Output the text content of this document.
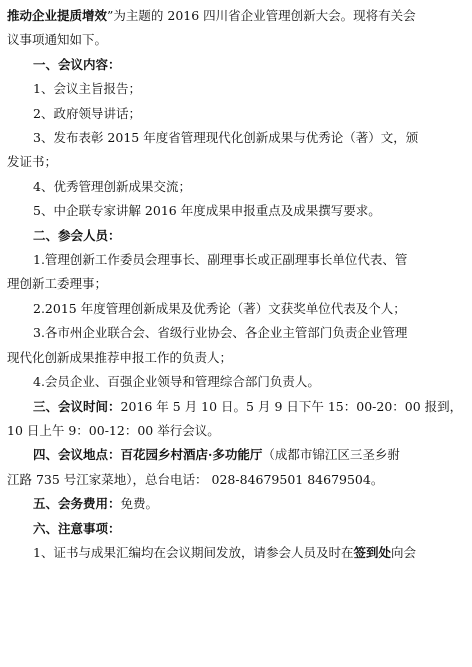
推动企业提质增效”为主题的 2016 四川省企业管理创新大会。现将有关会

议事项通知如下。

一、会议内容：

1、会议主旨报告；

2、政府领导讲话；

3、发布表彰 2015 年度省管理现代化创新成果与优秀论（著）文，颁

发证书；

4、优秀管理创新成果交流；

5、中企联专家讲解 2016 年度成果申报重点及成果撰写要求。

二、参会人员：

1.管理创新工作委员会理事长、副理事长或正副理事长单位代表、管

理创新工委理事；

2.2015 年度管理创新成果及优秀论（著）文获奖单位代表及个人；

3.各市州企业联合会、省级行业协会、各企业主管部门负责企业管理

现代化创新成果推荐申报工作的负责人；

4.会员企业、百强企业领导和管理综合部门负责人。

三、会议时间：2016 年 5 月 10 日。5 月 9 日下午 15：00-20：00 报到，

10 日上午 9：00-12：00 举行会议。

四、会议地点：百花园乡村酒店·多功能厅（成都市锦江区三圣乡驸

江路 735 号江家菜地），总台电话： 028-84679501 84679504。

五、会务费用：免费。

六、注意事项：

1、证书与成果汇编均在会议期间发放，请参会人员及时在签到处向会
